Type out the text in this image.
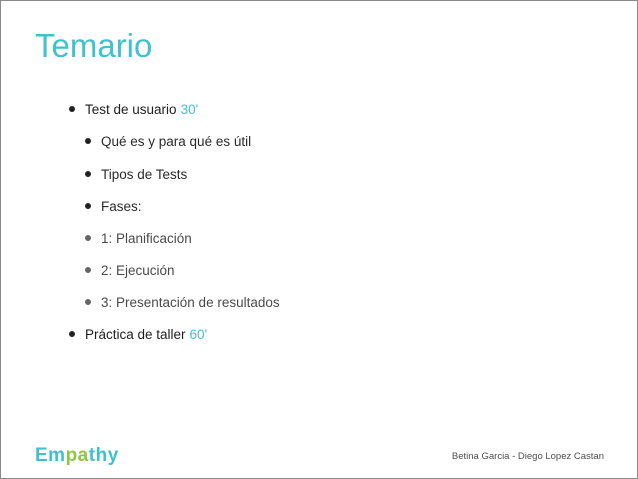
Temario
Test de usuario 30'
Qué es y para qué es útil
Tipos de Tests
Fases:
1: Planificación
2: Ejecución
3: Presentación de resultados
Práctica de taller 60'
Empathy	Betina Garcia - Diego Lopez Castan
